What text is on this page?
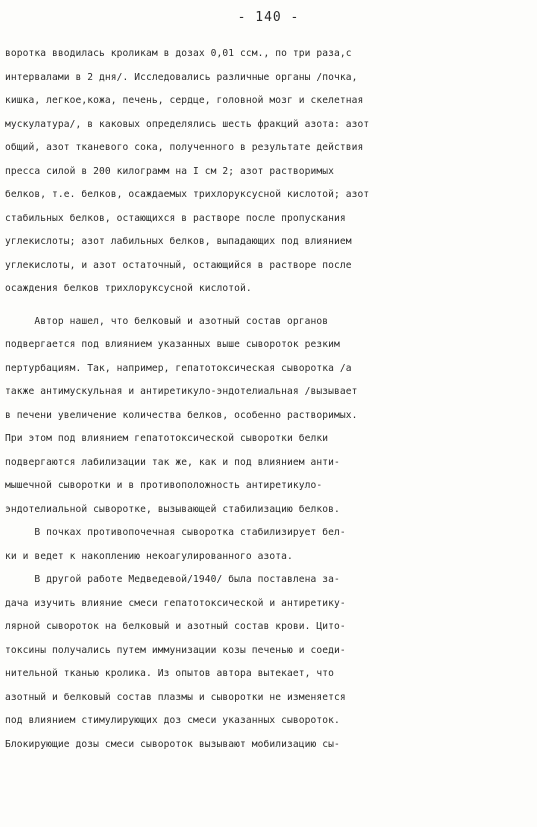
- 140 -
воротка вводилась кроликам в дозах 0,01 сcм., по три раза,с
интервалами в 2 дня/. Исследовались различные органы /почка,
кишка, легкое,кожа, печень, сердце, головной мозг и скелетная
мускулатура/, в каковых определялись шесть фракций азота: азот
общий, азот тканевого сока, полученного в результате действия
пресса силой в 200 килограмм на I см 2; азот растворимых
белков, т.е. белков, осаждаемых трихлоруксусной кислотой; азот
стабильных белков, остающихся в растворе после пропускания
углекислоты; азот лабильных белков, выпадающих под влиянием
углекислоты, и азот остаточный, остающийся в растворе после
осаждения белков трихлоруксусной кислотой.
Автор нашел, что белковый и азотный состав органов
подвергается под влиянием указанных выше сывороток резким
пертурбациям. Так, например, гепатотоксическая сыворотка /а
также антимускульная и антиретикуло-эндотелиальная /вызывает
в печени увеличение количества белков, особенно растворимых.
При этом под влиянием гепатотоксической сыворотки белки
подвергаются лабилизации так же, как и под влиянием анти-
мышечной сыворотки и в противоположность антиретикуло-
эндотелиальной сыворотке, вызывающей стабилизацию белков.
В почках противопочечная сыворотка стабилизирует бел-
ки и ведет к накоплению некоагулированного азота.
В другой работе Медведевой/1940/ была поставлена за-
дача изучить влияние смеси гепатотоксической и антиретику-
лярной сывороток на белковый и азотный состав крови. Цито-
токсины получались путем иммунизации козы печенью и соеди-
нительной тканью кролика. Из опытов автора вытекает, что
азотный и белковый состав плазмы и сыворотки не изменяется
под влиянием стимулирующих доз смеси указанных сывороток.
Блокирующие дозы смеси сывороток вызывают мобилизацию сы-
